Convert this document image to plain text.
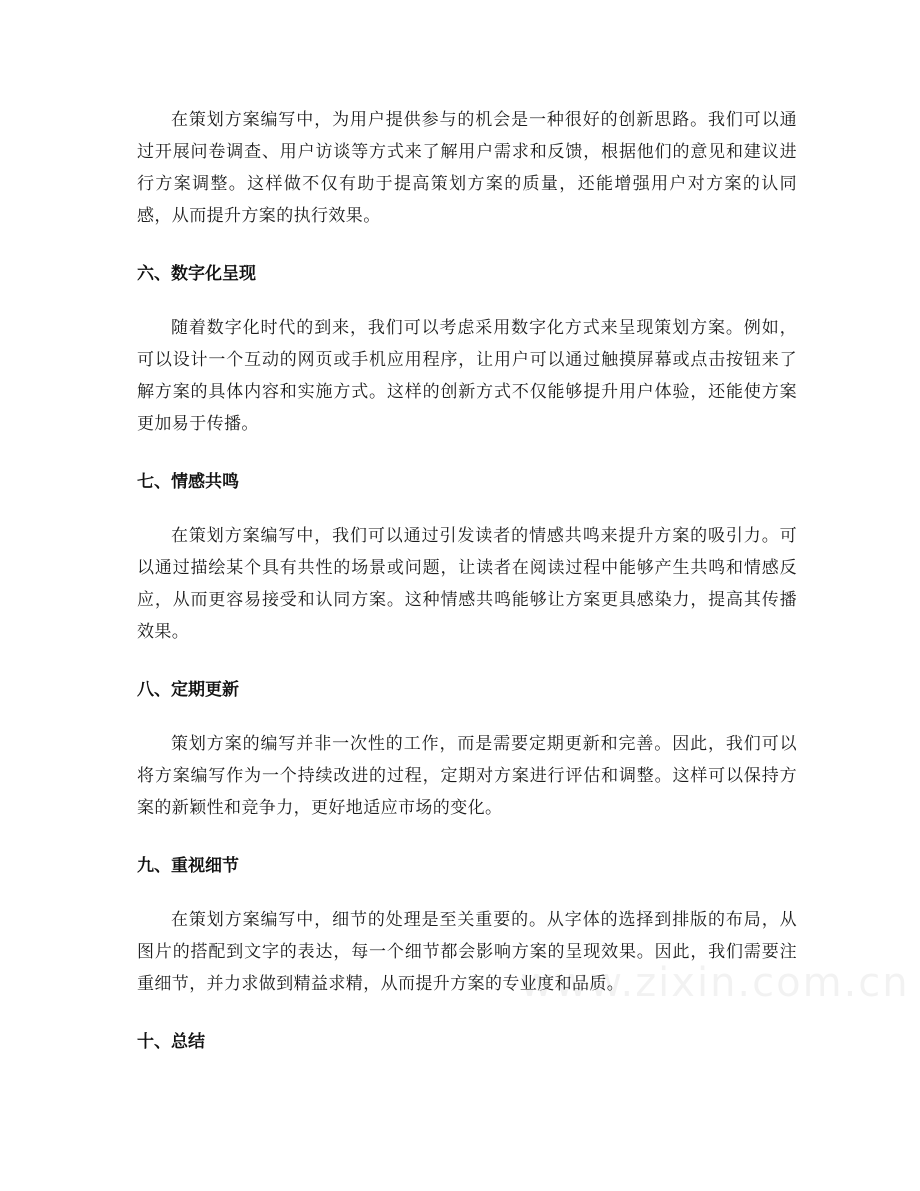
在策划方案编写中，为用户提供参与的机会是一种很好的创新思路。我们可以通过开展问卷调查、用户访谈等方式来了解用户需求和反馈，根据他们的意见和建议进行方案调整。这样做不仅有助于提高策划方案的质量，还能增强用户对方案的认同感，从而提升方案的执行效果。

六、数字化呈现

随着数字化时代的到来，我们可以考虑采用数字化方式来呈现策划方案。例如，可以设计一个互动的网页或手机应用程序，让用户可以通过触摸屏幕或点击按钮来了解方案的具体内容和实施方式。这样的创新方式不仅能够提升用户体验，还能使方案更加易于传播。

七、情感共鸣

在策划方案编写中，我们可以通过引发读者的情感共鸣来提升方案的吸引力。可以通过描绘某个具有共性的场景或问题，让读者在阅读过程中能够产生共鸣和情感反应，从而更容易接受和认同方案。这种情感共鸣能够让方案更具感染力，提高其传播效果。

八、定期更新

策划方案的编写并非一次性的工作，而是需要定期更新和完善。因此，我们可以将方案编写作为一个持续改进的过程，定期对方案进行评估和调整。这样可以保持方案的新颖性和竞争力，更好地适应市场的变化。

九、重视细节

在策划方案编写中，细节的处理是至关重要的。从字体的选择到排版的布局，从图片的搭配到文字的表达，每一个细节都会影响方案的呈现效果。因此，我们需要注重细节，并力求做到精益求精，从而提升方案的专业度和品质。

十、总结
www.zixin.com.cn
